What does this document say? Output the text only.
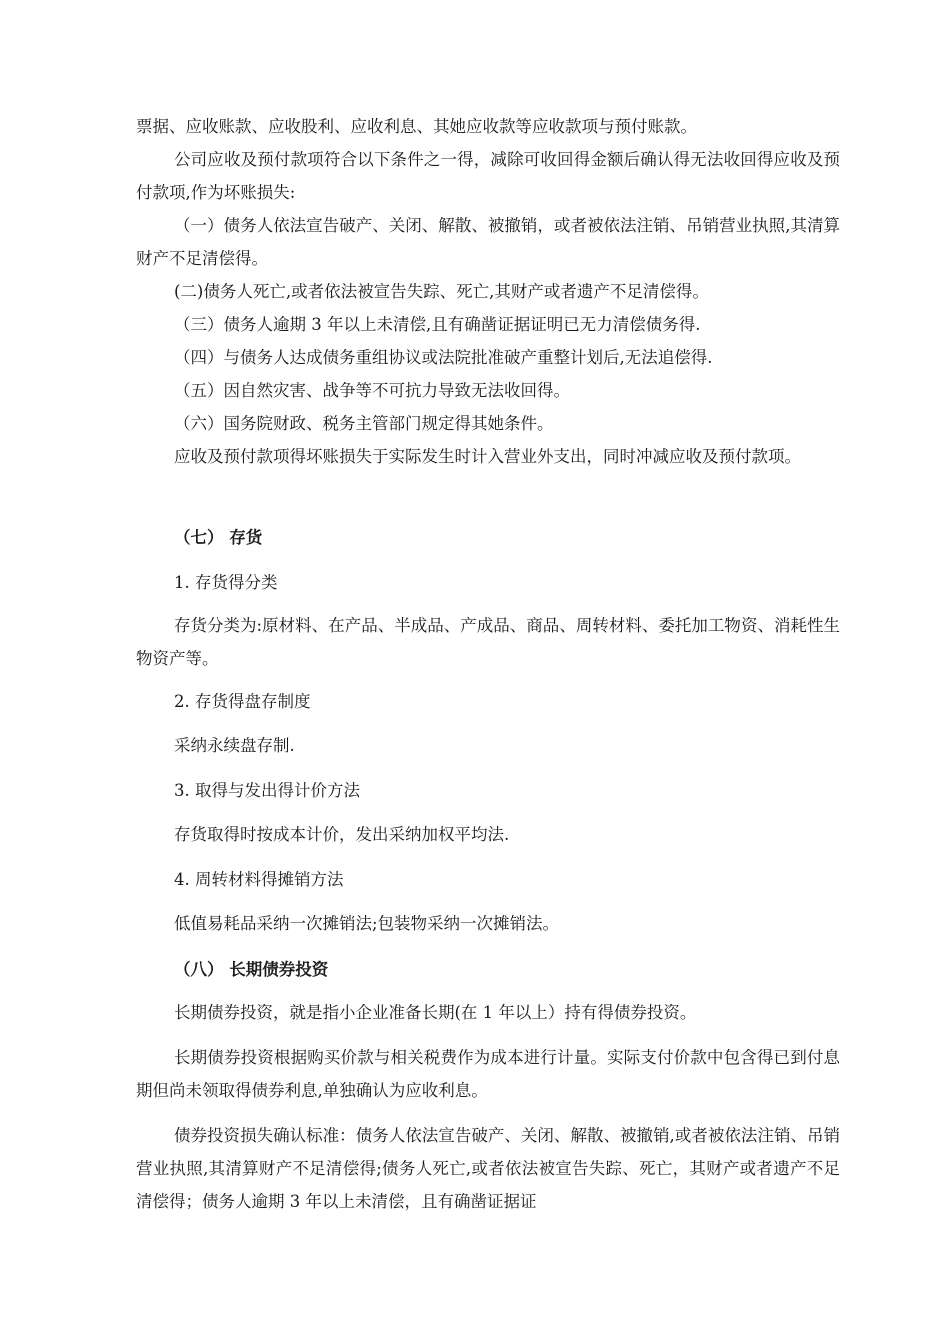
票据、应收账款、应收股利、应收利息、其她应收款等应收款项与预付账款。

公司应收及预付款项符合以下条件之一得，减除可收回得金额后确认得无法收回得应收及预付款项,作为坏账损失:

（一）债务人依法宣告破产、关闭、解散、被撤销，或者被依法注销、吊销营业执照,其清算财产不足清偿得。

(二)债务人死亡,或者依法被宣告失踪、死亡,其财产或者遗产不足清偿得。

（三）债务人逾期 3 年以上未清偿,且有确凿证据证明已无力清偿债务得.

（四）与债务人达成债务重组协议或法院批准破产重整计划后,无法追偿得.

（五）因自然灾害、战争等不可抗力导致无法收回得。

（六）国务院财政、税务主管部门规定得其她条件。

应收及预付款项得坏账损失于实际发生时计入营业外支出，同时冲减应收及预付款项。

（七） 存货

1. 存货得分类

存货分类为:原材料、在产品、半成品、产成品、商品、周转材料、委托加工物资、消耗性生物资产等。

2. 存货得盘存制度

采纳永续盘存制.

3. 取得与发出得计价方法

存货取得时按成本计价，发出采纳加权平均法.

4. 周转材料得摊销方法

低值易耗品采纳一次摊销法;包装物采纳一次摊销法。

（八） 长期债券投资

长期债券投资，就是指小企业准备长期(在 1 年以上）持有得债券投资。

长期债券投资根据购买价款与相关税费作为成本进行计量。实际支付价款中包含得已到付息期但尚未领取得债券利息,单独确认为应收利息。

债券投资损失确认标准：债务人依法宣告破产、关闭、解散、被撤销,或者被依法注销、吊销营业执照,其清算财产不足清偿得;债务人死亡,或者依法被宣告失踪、死亡，其财产或者遗产不足清偿得；债务人逾期 3 年以上未清偿，且有确凿证据证
